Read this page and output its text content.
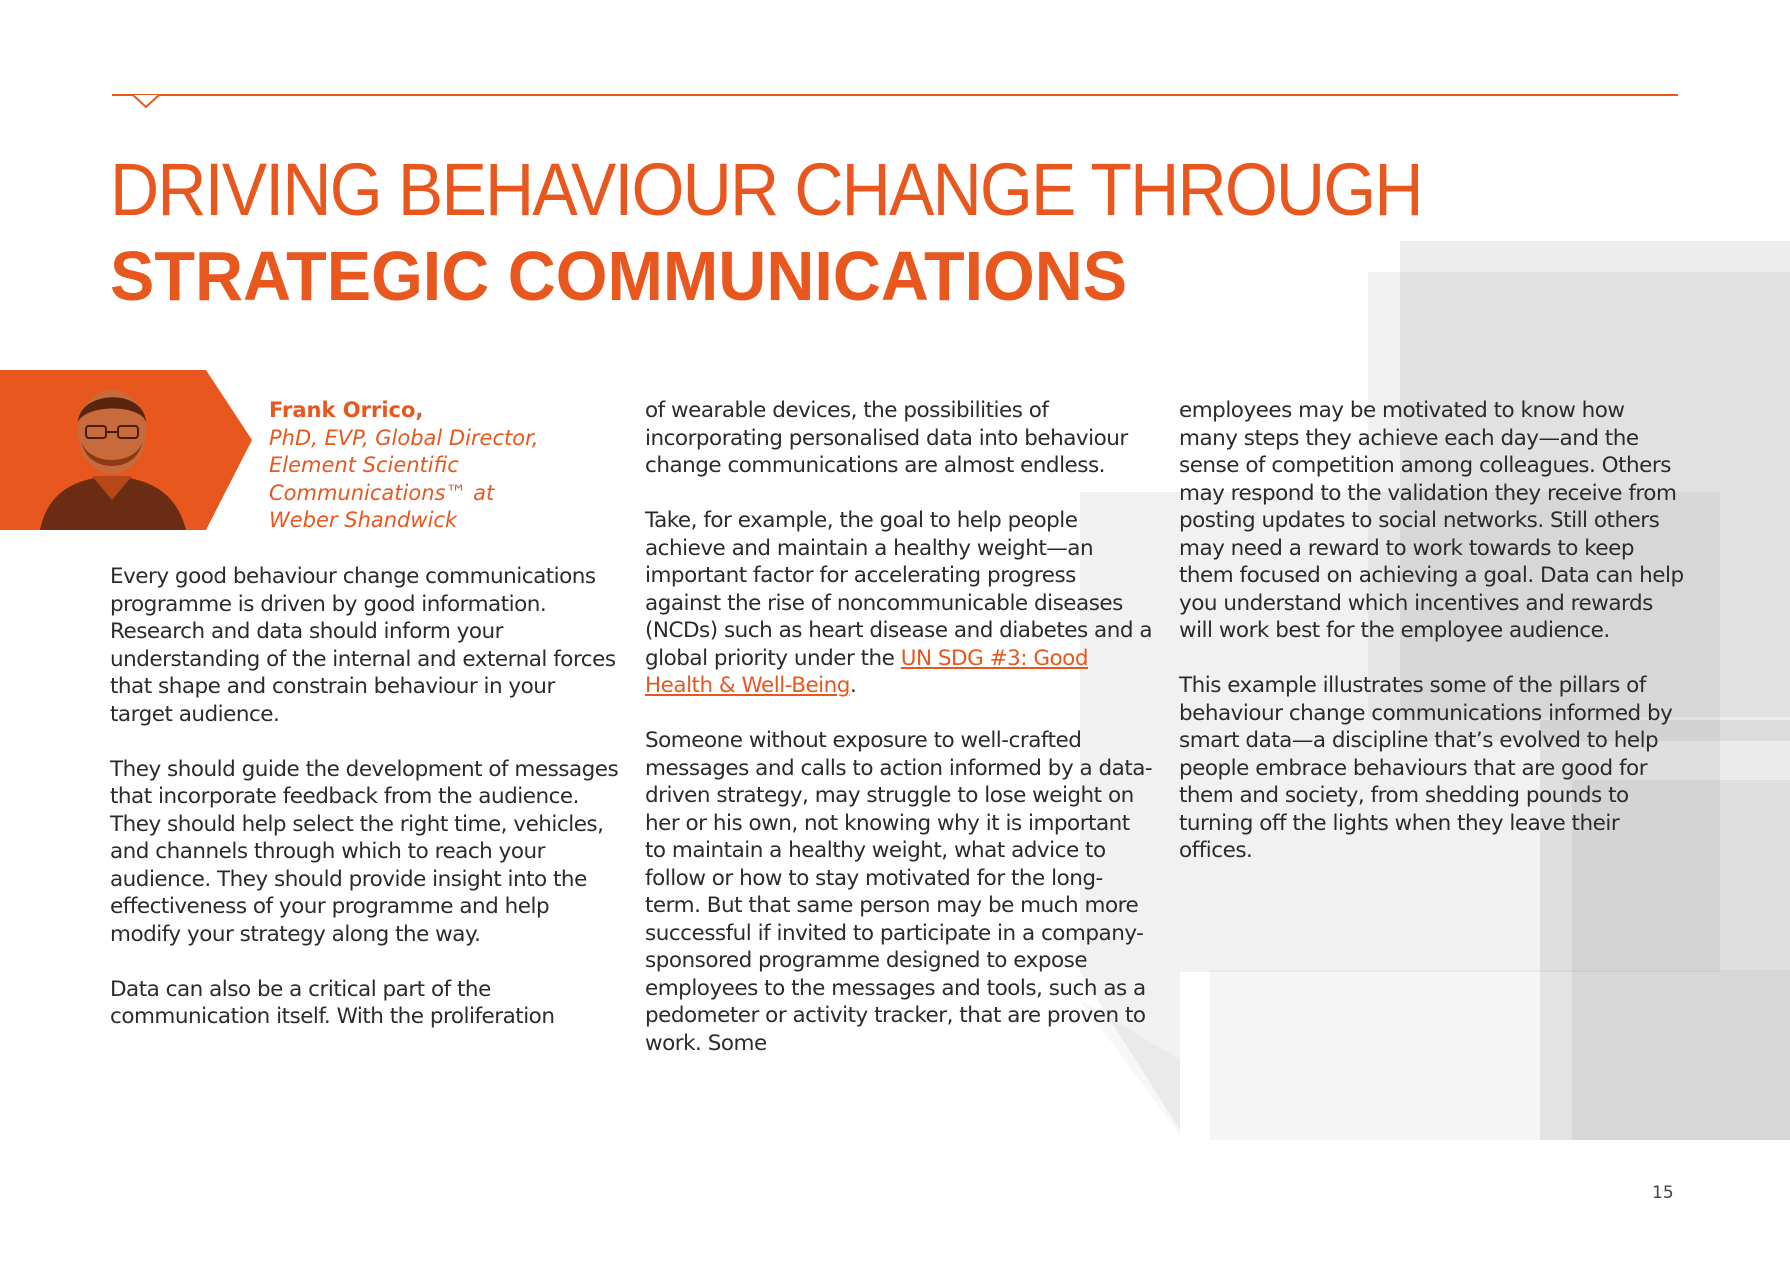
DRIVING BEHAVIOUR CHANGE THROUGH
STRATEGIC COMMUNICATIONS
Frank Orrico,
PhD, EVP, Global Director,
Element Scientific
Communications™ at
Weber Shandwick

Every good behaviour change communications programme is driven by good information. Research and data should inform your understanding of the internal and external forces that shape and constrain behaviour in your target audience.

They should guide the development of messages that incorporate feedback from the audience. They should help select the right time, vehicles, and channels through which to reach your audience. They should provide insight into the effectiveness of your programme and help modify your strategy along the way.

Data can also be a critical part of the communication itself. With the proliferation

of wearable devices, the possibilities of incorporating personalised data into behaviour change communications are almost endless.

Take, for example, the goal to help people achieve and maintain a healthy weight—an important factor for accelerating progress against the rise of noncommunicable diseases (NCDs) such as heart disease and diabetes and a global priority under the UN SDG #3: Good Health & Well-Being.

Someone without exposure to well-crafted messages and calls to action informed by a data-driven strategy, may struggle to lose weight on her or his own, not knowing why it is important to maintain a healthy weight, what advice to follow or how to stay motivated for the long-term. But that same person may be much more successful if invited to participate in a company-sponsored programme designed to expose employees to the messages and tools, such as a pedometer or activity tracker, that are proven to work. Some

employees may be motivated to know how many steps they achieve each day—and the sense of competition among colleagues. Others may respond to the validation they receive from posting updates to social networks. Still others may need a reward to work towards to keep them focused on achieving a goal. Data can help you understand which incentives and rewards will work best for the employee audience.

This example illustrates some of the pillars of behaviour change communications informed by smart data—a discipline that’s evolved to help people embrace behaviours that are good for them and society, from shedding pounds to turning off the lights when they leave their offices.

15
